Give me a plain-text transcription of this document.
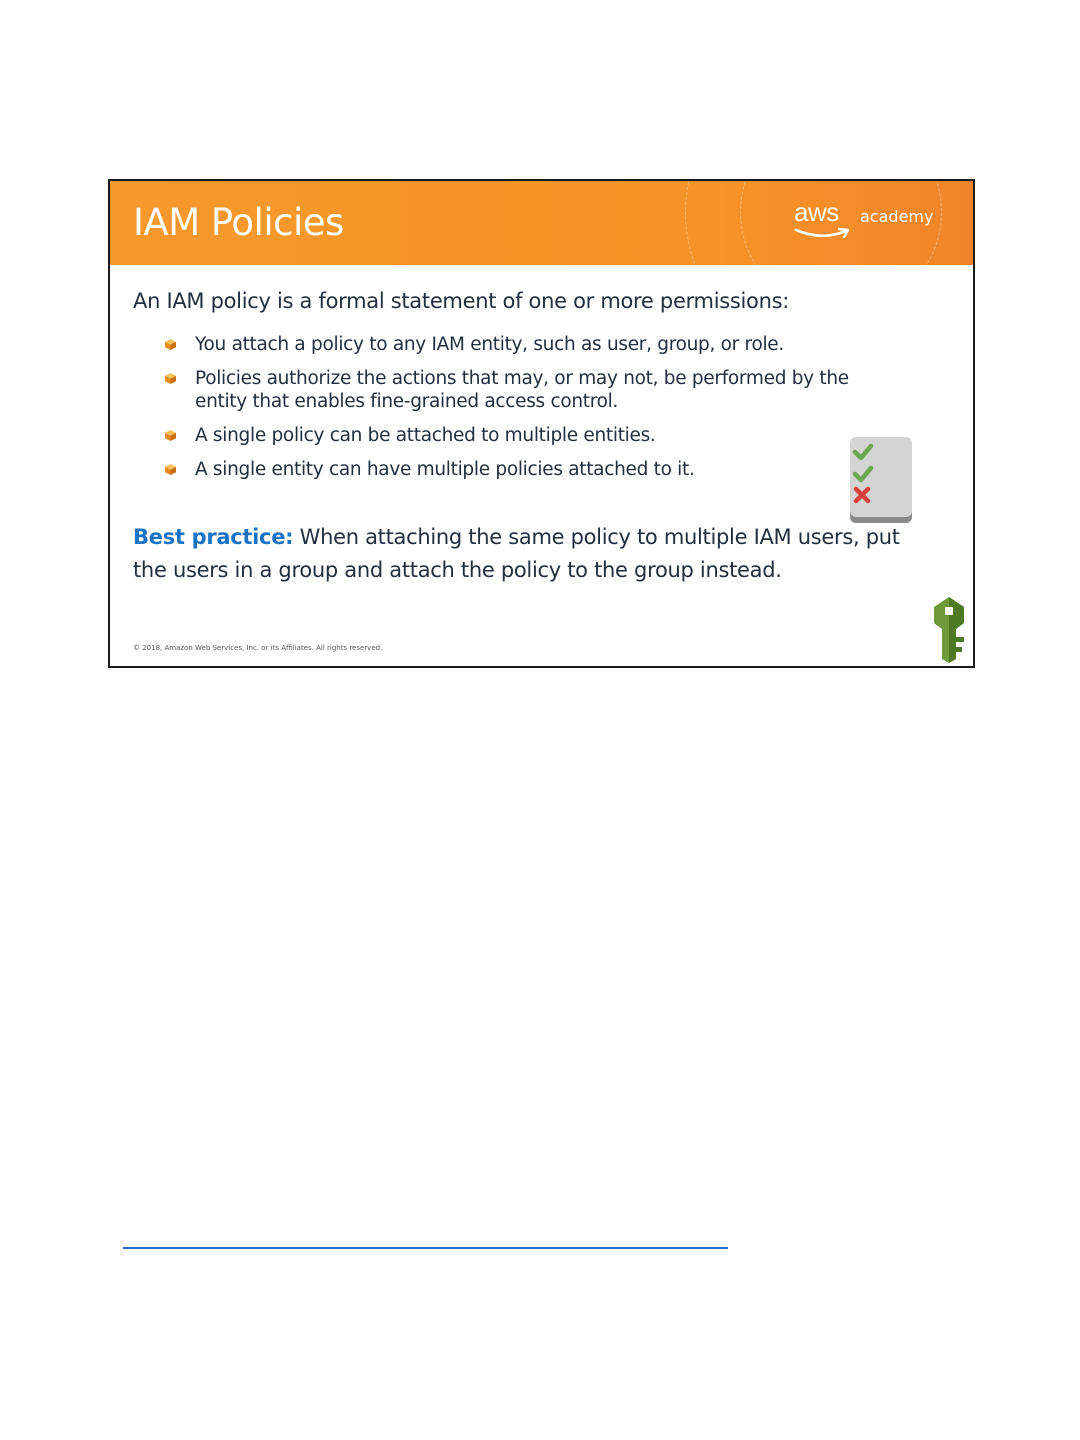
IAM Policies	aws academy
An IAM policy is a formal statement of one or more permissions:
You attach a policy to any IAM entity, such as user, group, or role.
Policies authorize the actions that may, or may not, be performed by the entity that enables fine-grained access control.
A single policy can be attached to multiple entities.
A single entity can have multiple policies attached to it.
Best practice: When attaching the same policy to multiple IAM users, put the users in a group and attach the policy to the group instead.
© 2018, Amazon Web Services, Inc. or its Affiliates. All rights reserved.
